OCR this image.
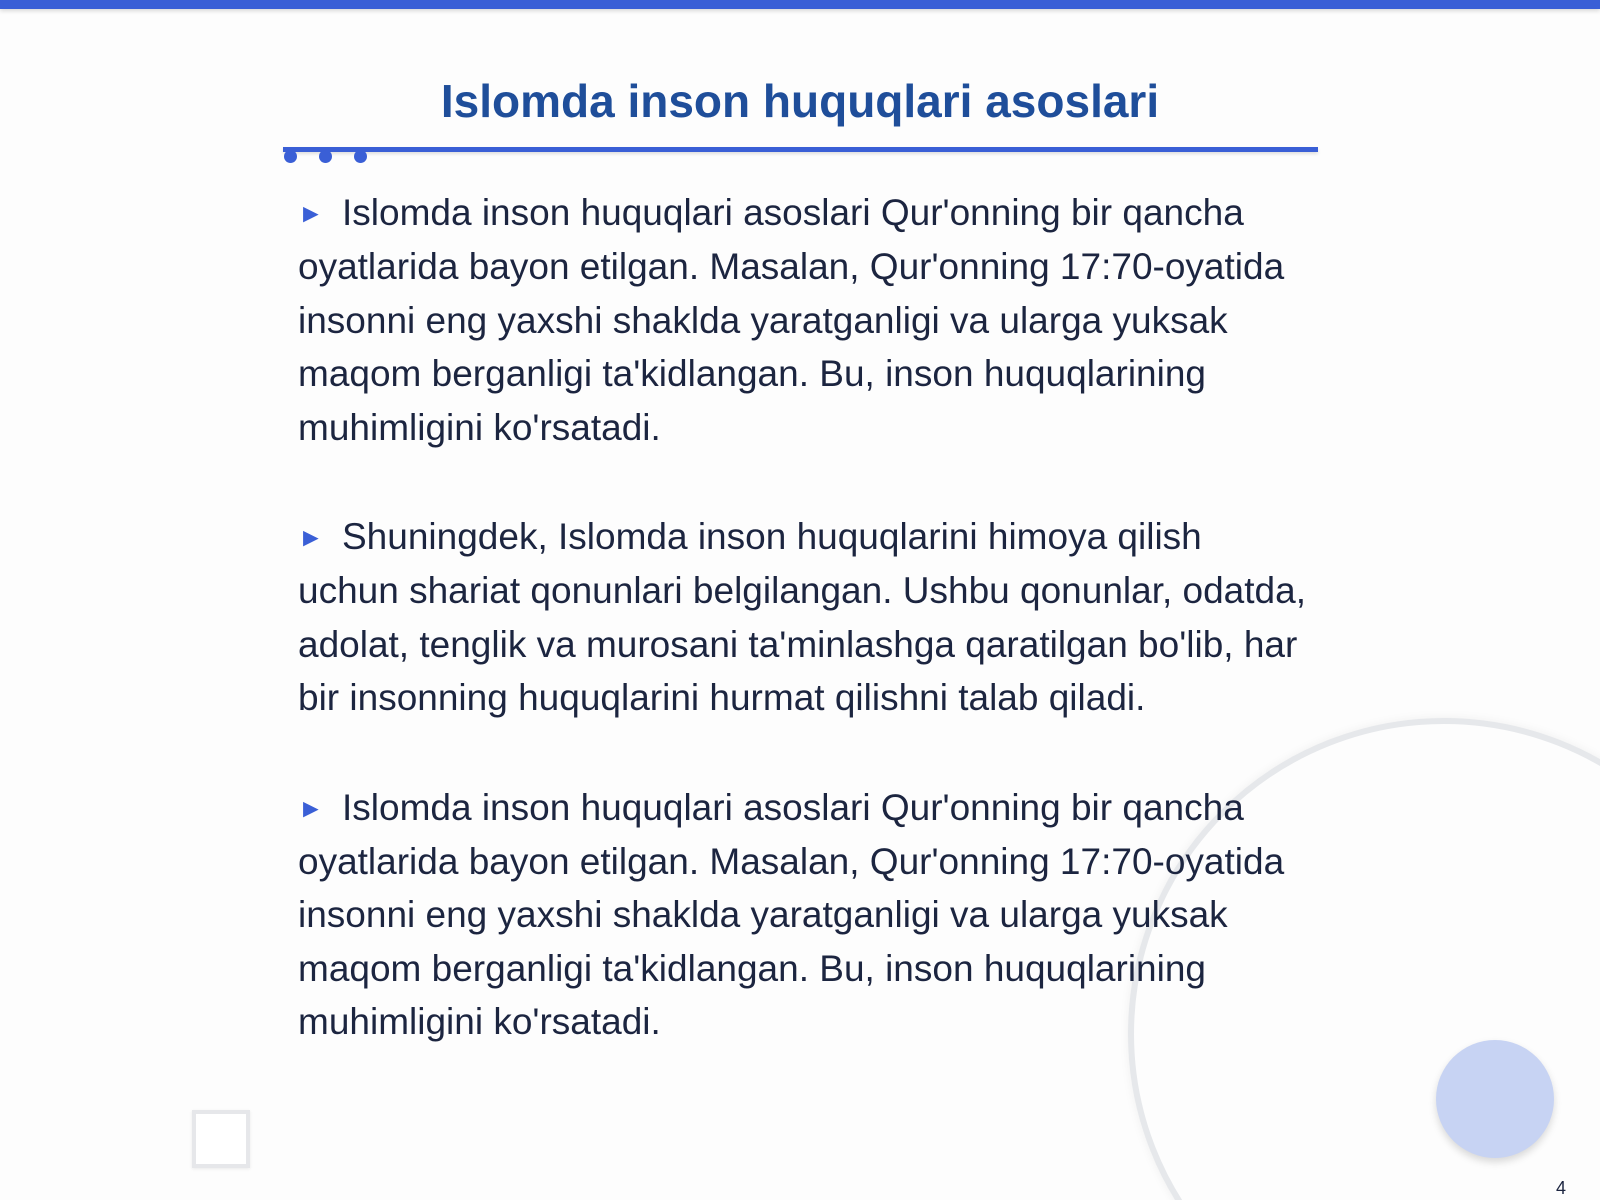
Islomda inson huquqlari asoslari

► Islomda inson huquqlari asoslari Qur'onning bir qancha oyatlarida bayon etilgan. Masalan, Qur'onning 17:70-oyatida insonni eng yaxshi shaklda yaratganligi va ularga yuksak maqom berganligi ta'kidlangan. Bu, inson huquqlarining muhimligini ko'rsatadi.

► Shuningdek, Islomda inson huquqlarini himoya qilish uchun shariat qonunlari belgilangan. Ushbu qonunlar, odatda, adolat, tenglik va murosani ta'minlashga qaratilgan bo'lib, har bir insonning huquqlarini hurmat qilishni talab qiladi.

► Islomda inson huquqlari asoslari Qur'onning bir qancha oyatlarida bayon etilgan. Masalan, Qur'onning 17:70-oyatida insonni eng yaxshi shaklda yaratganligi va ularga yuksak maqom berganligi ta'kidlangan. Bu, inson huquqlarining muhimligini ko'rsatadi.

4
